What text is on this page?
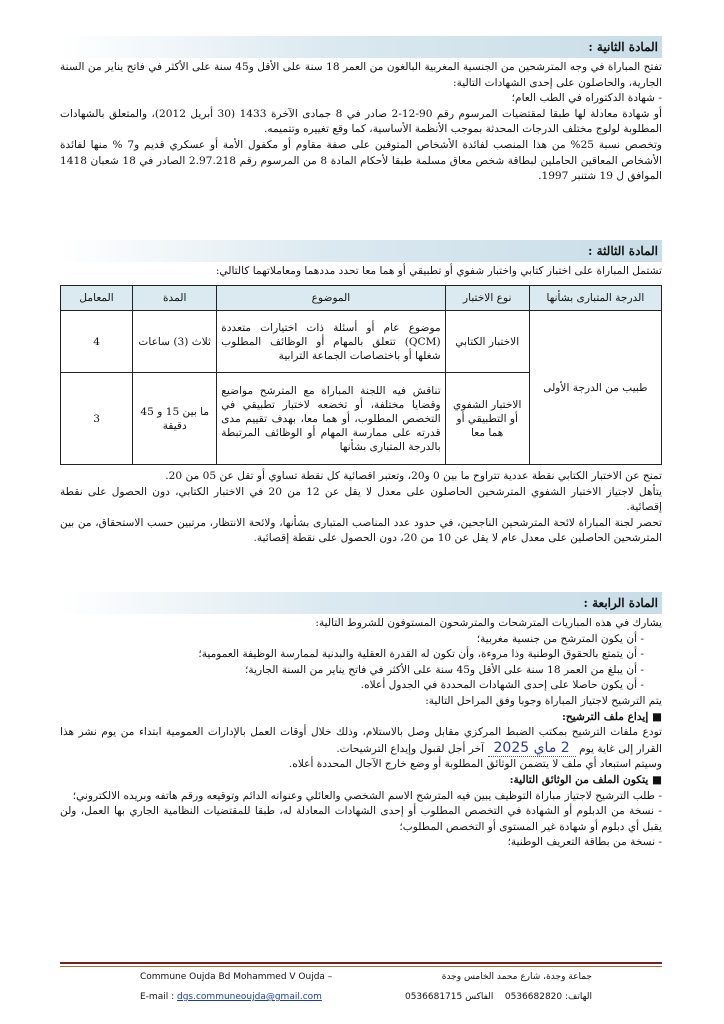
المادة الثانية :

تفتح المباراة في وجه المترشحين من الجنسية المغربية البالغون من العمر 18 سنة على الأقل و45 سنة على الأكثر في فاتح يناير من السنة الجارية، والحاصلون على إحدى الشهادات التالية:

- شهادة الدكتوراه في الطب العام؛

أو شهادة معادلة لها طبقا لمقتضيات المرسوم رقم 90-12-2 صادر في 8 جمادى الآخرة 1433 (30 أبريل 2012)، والمتعلق بالشهادات المطلوبة لولوج مختلف الدرجات المحدثة بموجب الأنظمة الأساسية، كما وقع تغييره وتتميمه.

وتخصص نسبة 25% من هذا المنصب لفائدة الأشخاص المتوفين على صفة مقاوم أو مكفول الأمة أو عسكري قديم و7 % منها لفائدة الأشخاص المعاقين الحاملين لبطاقة شخص معاق مسلمة طبقا لأحكام المادة 8 من المرسوم رقم 2.97.218 الصادر في 18 شعبان 1418 الموافق ل 19 شتنبر 1997.

المادة الثالثة :
تشتمل المباراة على اختبار كتابي واختبار شفوي أو تطبيقي أو هما معا تحدد مددهما ومعاملاتهما كالتالي:
الدرجة المتبارى بشأنها	نوع الاختبار	الموضوع	المدة	المعامل
طبيب من الدرجة الأولى	الاختبار الكتابي	موضوع عام أو أسئلة ذات اختيارات متعددة (QCM) تتعلق بالمهام أو الوظائف المطلوب شغلها أو باختصاصات الجماعة الترابية	ثلاث (3) ساعات	4
	الاختبار الشفوي أو التطبيقي أو هما معا	تناقش فيه اللجنة المباراة مع المترشح مواضيع وقضايا مختلفة، أو تخضعه لاختبار تطبيقي في التخصص المطلوب، أو هما معا، بهدف تقييم مدى قدرته على ممارسة المهام أو الوظائف المرتبطة بالدرجة المتبارى بشأنها	ما بين 15 و 45 دقيقة	3

تمنح عن الاختبار الكتابي نقطة عددية تتراوح ما بين 0 و20، وتعتبر اقصائية كل نقطة تساوي أو تقل عن 05 من 20.

يتأهل لاجتياز الاختبار الشفوي المترشحين الحاصلون على معدل لا يقل عن 12 من 20 في الاختبار الكتابي، دون الحصول على نقطة إقصائية.

تحصر لجنة المباراة لائحة المترشحين الناجحين، في حدود عدد المناصب المتبارى بشأنها، ولائحة الانتظار، مرتبين حسب الاستحقاق، من بين المترشحين الحاصلين على معدل عام لا يقل عن 10 من 20، دون الحصول على نقطة إقصائية.

المادة الرابعة :

يشارك في هذه المباريات المترشحات والمترشحون المستوفون للشروط التالية:

- أن يكون المترشح من جنسية مغربية؛

- أن يتمتع بالحقوق الوطنية وذا مروءة، وأن تكون له القدرة العقلية والبدنية لممارسة الوظيفة العمومية؛

- أن يبلغ من العمر 18 سنة على الأقل و45 سنة على الأكثر في فاتح يناير من السنة الجارية؛

- أن يكون حاصلا على إحدى الشهادات المحددة في الجدول أعلاه.

يتم الترشيح لاجتياز المباراة وجوبا وفق المراحل التالية:

■ إيداع ملف الترشيح:

تودع ملفات الترشيح بمكتب الضبط المركزي مقابل وصل بالاستلام، وذلك خلال أوقات العمل بالإدارات العمومية ابتداء من يوم نشر هذا القرار إلى غاية يوم 2 ماي 2025 آخر أجل لقبول وإيداع الترشيحات.

وسيتم استبعاد أي ملف لا يتضمن الوثائق المطلوبة أو وضع خارج الآجال المحددة أعلاه.

■ يتكون الملف من الوثائق التالية:

- طلب الترشيح لاجتياز مباراة التوظيف يبين فيه المترشح الاسم الشخصي والعائلي وعنوانه الدائم وتوقيعه ورقم هاتفه وبريده الالكتروني؛

- نسخة من الدبلوم أو الشهادة في التخصص المطلوب أو إحدى الشهادات المعادلة له، طبقا للمقتضيات النظامية الجاري بها العمل، ولن يقبل أي دبلوم أو شهادة غير المستوى أو التخصص المطلوب؛

- نسخة من بطاقة التعريف الوطنية؛

Commune Oujda Bd Mohammed V Oujda –	جماعة وجدة، شارع محمد الخامس وجدة
E-mail : dgs.communeoujda@gmail.com	الهاتف: 0536682820    الفاكس 0536681715
